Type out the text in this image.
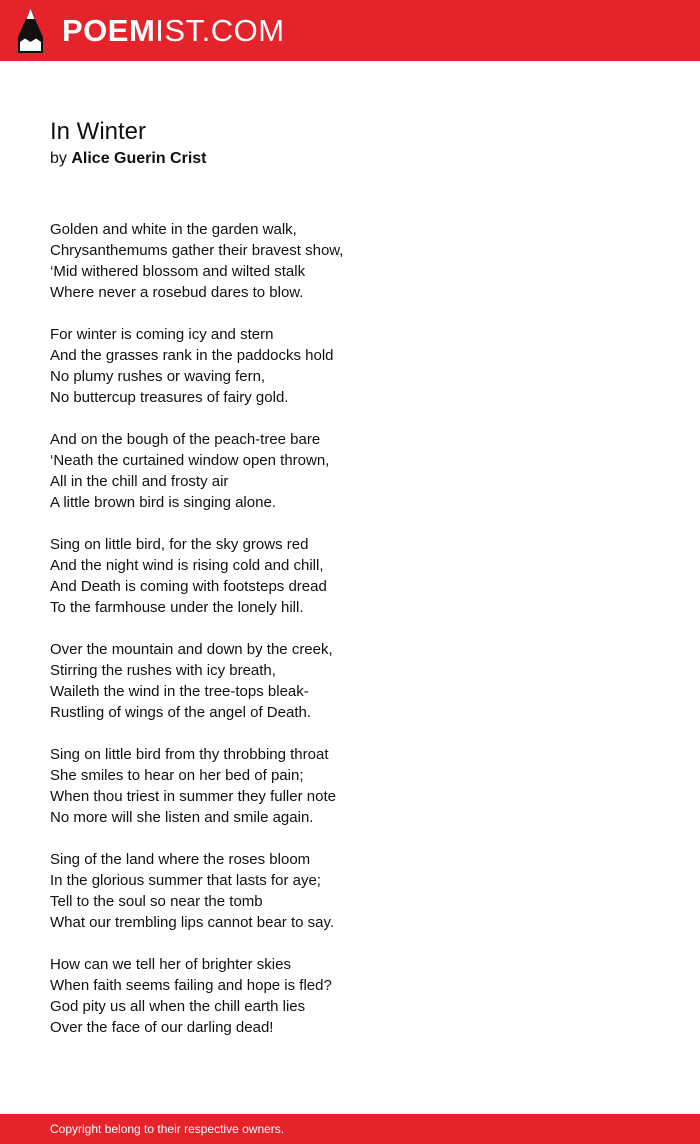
POEMIST.COM
In Winter
by Alice Guerin Crist
Golden and white in the garden walk,
Chrysanthemums gather their bravest show,
‘Mid withered blossom and wilted stalk
Where never a rosebud dares to blow.
For winter is coming icy and stern
And the grasses rank in the paddocks hold
No plumy rushes or waving fern,
No buttercup treasures of fairy gold.
And on the bough of the peach-tree bare
‘Neath the curtained window open thrown,
All in the chill and frosty air
A little brown bird is singing alone.
Sing on little bird, for the sky grows red
And the night wind is rising cold and chill,
And Death is coming with footsteps dread
To the farmhouse under the lonely hill.
Over the mountain and down by the creek,
Stirring the rushes with icy breath,
Waileth the wind in the tree-tops bleak-
Rustling of wings of the angel of Death.
Sing on little bird from thy throbbing throat
She smiles to hear on her bed of pain;
When thou triest in summer they fuller note
No more will she listen and smile again.
Sing of the land where the roses bloom
In the glorious summer that lasts for aye;
Tell to the soul so near the tomb
What our trembling lips cannot bear to say.
How can we tell her of brighter skies
When faith seems failing and hope is fled?
God pity us all when the chill earth lies
Over the face of our darling dead!
Copyright belong to their respective owners.
